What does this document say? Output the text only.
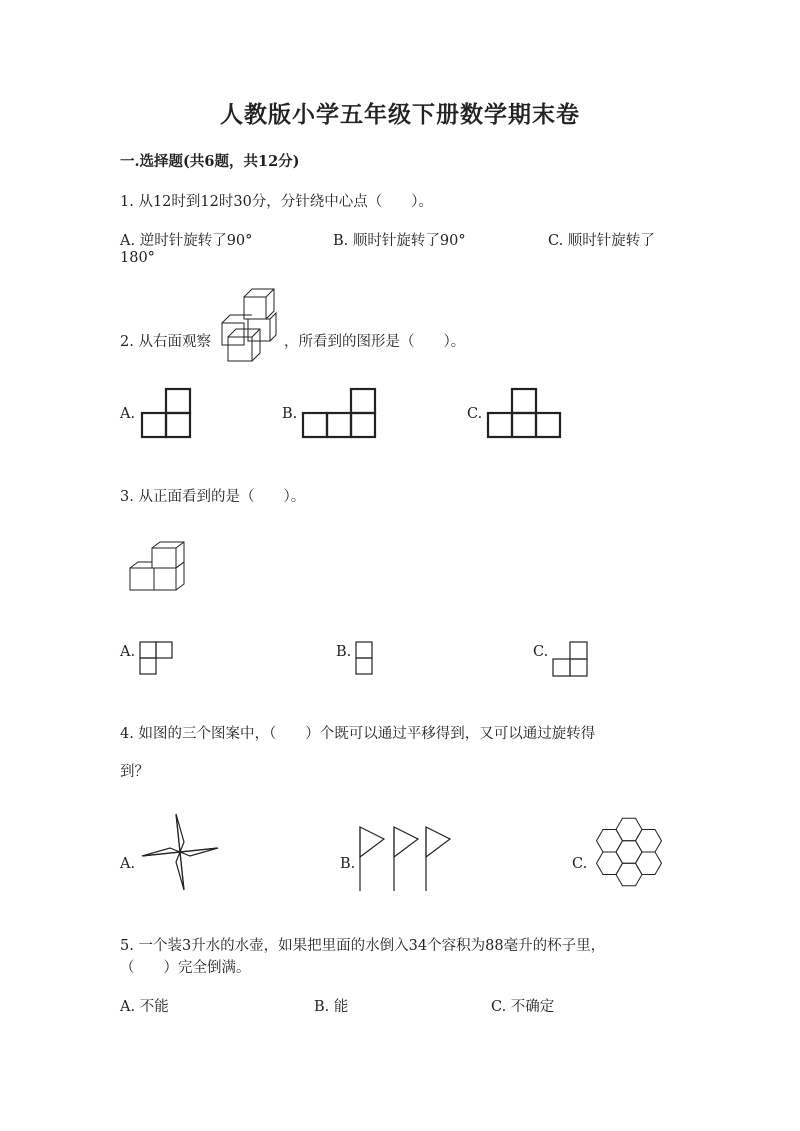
人教版小学五年级下册数学期末卷
一.选择题(共6题，共12分)
1. 从12时到12时30分，分针绕中心点（　　）。
A. 逆时针旋转了90°	B. 顺时针旋转了90°	C. 顺时针旋转了
180°
2. 从右面观察	，所看到的图形是（　　）。
A.	B.	C.
3. 从正面看到的是（　　）。
A.	B.	C.
4. 如图的三个图案中，（　　）个既可以通过平移得到，又可以通过旋转得
到？
A.	B.	C.
5. 一个装3升水的水壶，如果把里面的水倒入34个容积为88毫升的杯子里，
（　　）完全倒满。
A. 不能	B. 能	C. 不确定
